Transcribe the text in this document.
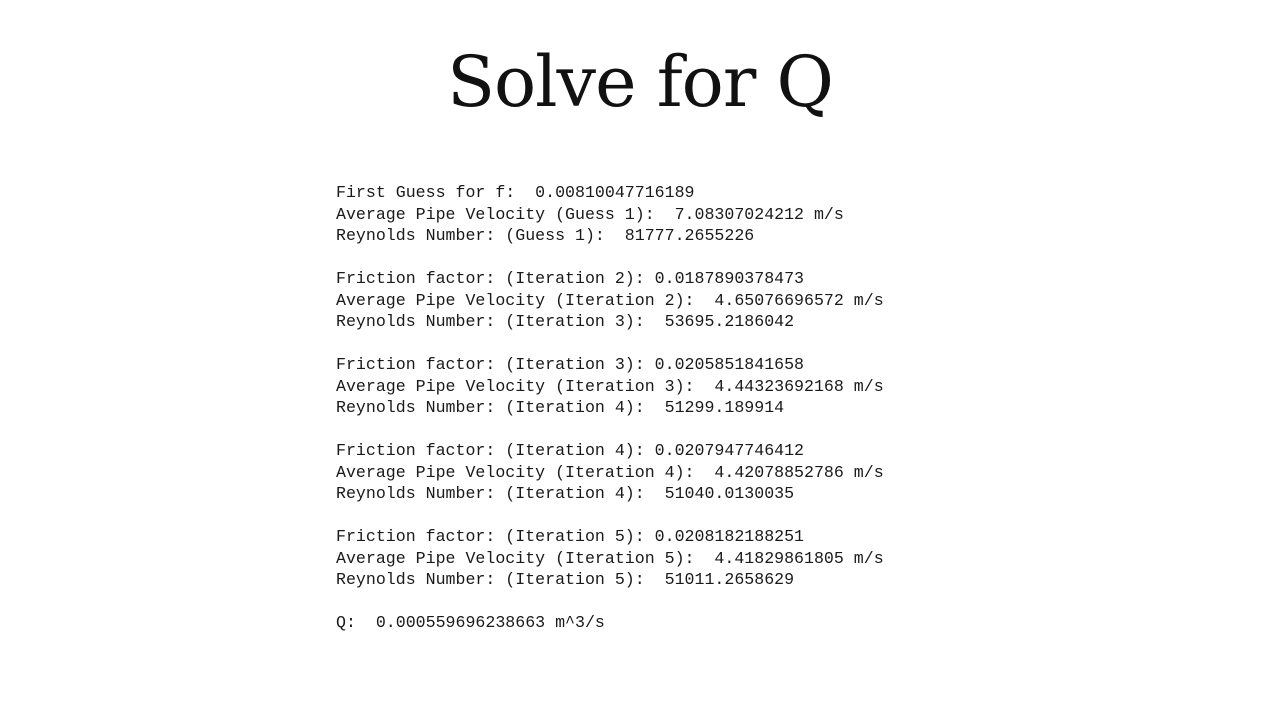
Solve for Q
First Guess for f:  0.00810047716189
Average Pipe Velocity (Guess 1):  7.08307024212 m/s
Reynolds Number: (Guess 1):  81777.2655226
Friction factor: (Iteration 2): 0.0187890378473
Average Pipe Velocity (Iteration 2):  4.65076696572 m/s
Reynolds Number: (Iteration 3):  53695.2186042
Friction factor: (Iteration 3): 0.0205851841658
Average Pipe Velocity (Iteration 3):  4.44323692168 m/s
Reynolds Number: (Iteration 4):  51299.189914
Friction factor: (Iteration 4): 0.0207947746412
Average Pipe Velocity (Iteration 4):  4.42078852786 m/s
Reynolds Number: (Iteration 4):  51040.0130035
Friction factor: (Iteration 5): 0.0208182188251
Average Pipe Velocity (Iteration 5):  4.41829861805 m/s
Reynolds Number: (Iteration 5):  51011.2658629
Q:  0.000559696238663 m^3/s
